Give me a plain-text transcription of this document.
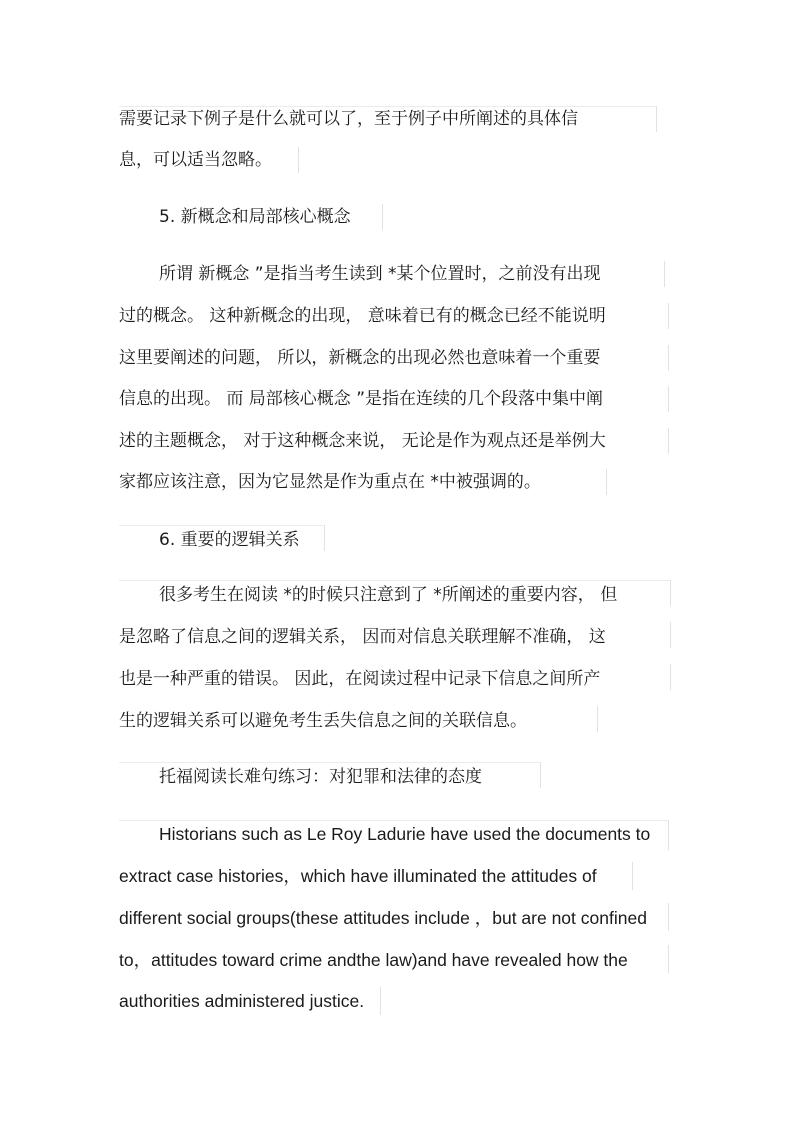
需要记录下例子是什么就可以了，至于例子中所阐述的具体信
息，可以适当忽略。
5. 新概念和局部核心概念
所谓 新概念 ”是指当考生读到 *某个位置时，之前没有出现
过的概念。 这种新概念的出现， 意味着已有的概念已经不能说明
这里要阐述的问题， 所以，新概念的出现必然也意味着一个重要
信息的出现。 而 局部核心概念 ”是指在连续的几个段落中集中阐
述的主题概念， 对于这种概念来说， 无论是作为观点还是举例大
家都应该注意，因为它显然是作为重点在 *中被强调的。
6. 重要的逻辑关系
很多考生在阅读 *的时候只注意到了 *所阐述的重要内容， 但
是忽略了信息之间的逻辑关系， 因而对信息关联理解不准确， 这
也是一种严重的错误。 因此，在阅读过程中记录下信息之间所产
生的逻辑关系可以避免考生丢失信息之间的关联信息。
托福阅读长难句练习：对犯罪和法律的态度
Historians such as Le Roy Ladurie have used the documents to
extract case histories，which have illuminated the attitudes of
different social groups(these attitudes include ，but are not confined
to，attitudes toward crime andthe law)and have revealed how the
authorities administered justice.
